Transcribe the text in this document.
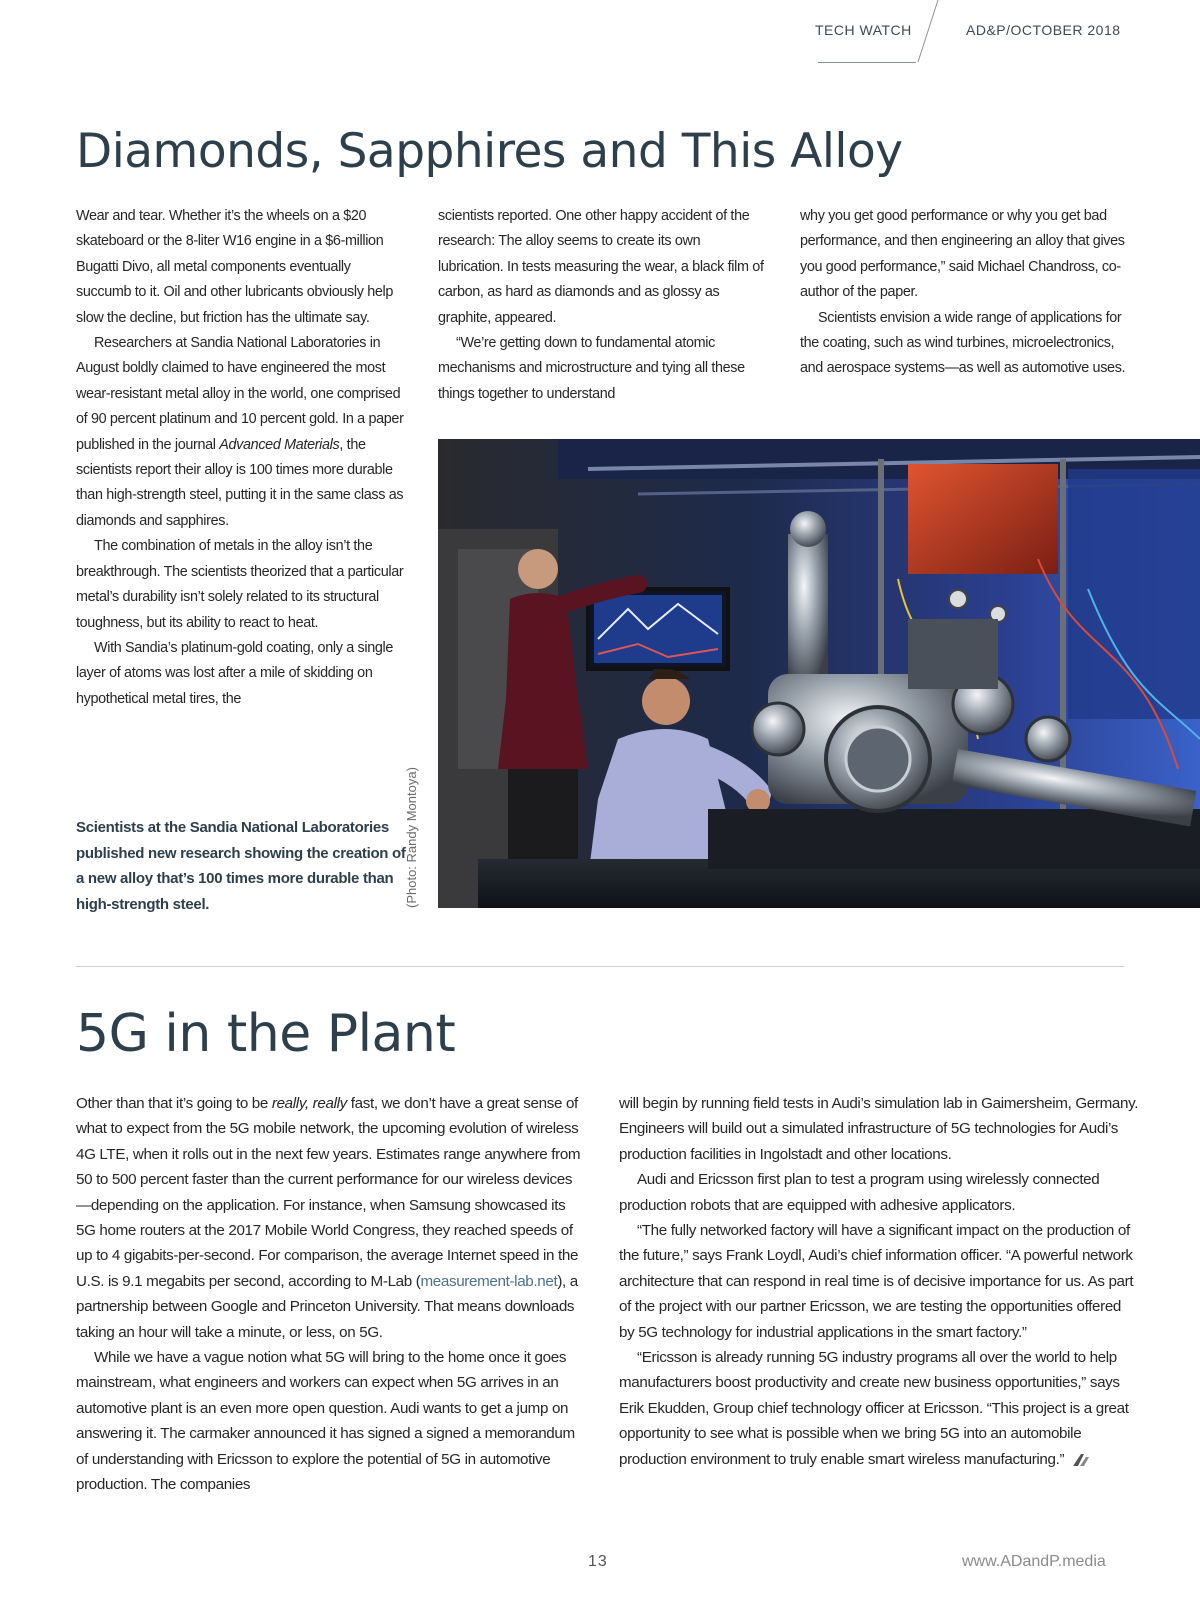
TECH WATCH	AD&P/OCTOBER 2018
Diamonds, Sapphires and This Alloy

Wear and tear. Whether it’s the wheels on a $20 skateboard or the 8-liter W16 engine in a $6-million Bugatti Divo, all metal components eventually succumb to it. Oil and other lubricants obviously help slow the decline, but friction has the ultimate say.

Researchers at Sandia National Laboratories in August boldly claimed to have engineered the most wear-resistant metal alloy in the world, one comprised of 90 percent platinum and 10 percent gold. In a paper published in the journal Advanced Materials, the scientists report their alloy is 100 times more durable than high-strength steel, putting it in the same class as diamonds and sapphires.

The combination of metals in the alloy isn’t the breakthrough. The scientists theorized that a particular metal’s durability isn’t solely related to its structural toughness, but its ability to react to heat.

With Sandia’s platinum-gold coating, only a single layer of atoms was lost after a mile of skidding on hypothetical metal tires, the

scientists reported. One other happy accident of the research: The alloy seems to create its own lubrication. In tests measuring the wear, a black film of carbon, as hard as diamonds and as glossy as graphite, appeared.

“We’re getting down to fundamental atomic mechanisms and microstructure and tying all these things together to understand

why you get good performance or why you get bad performance, and then engineering an alloy that gives you good performance,” said Michael Chandross, co-author of the paper.

Scientists envision a wide range of applications for the coating, such as wind turbines, microelectronics, and aerospace systems—as well as automotive uses.

Scientists at the Sandia National Laboratories published new research showing the creation of a new alloy that’s 100 times more durable than high-strength steel.	(Photo: Randy Montoya)
5G in the Plant

Other than that it’s going to be really, really fast, we don’t have a great sense of what to expect from the 5G mobile network, the upcoming evolution of wireless 4G LTE, when it rolls out in the next few years. Estimates range anywhere from 50 to 500 percent faster than the current performance for our wireless devices—depending on the application. For instance, when Samsung showcased its 5G home routers at the 2017 Mobile World Congress, they reached speeds of up to 4 gigabits-per-second. For comparison, the average Internet speed in the U.S. is 9.1 megabits per second, according to M-Lab (measurement-lab.net), a partnership between Google and Princeton University. That means downloads taking an hour will take a minute, or less, on 5G.

While we have a vague notion what 5G will bring to the home once it goes mainstream, what engineers and workers can expect when 5G arrives in an automotive plant is an even more open question. Audi wants to get a jump on answering it. The carmaker announced it has signed a signed a memorandum of understanding with Ericsson to explore the potential of 5G in automotive production. The companies

will begin by running field tests in Audi’s simulation lab in Gaimersheim, Germany. Engineers will build out a simulated infrastructure of 5G technologies for Audi’s production facilities in Ingolstadt and other locations.

Audi and Ericsson first plan to test a program using wirelessly connected production robots that are equipped with adhesive applicators.

“The fully networked factory will have a significant impact on the production of the future,” says Frank Loydl, Audi’s chief information officer. “A powerful network architecture that can respond in real time is of decisive importance for us. As part of the project with our partner Ericsson, we are testing the opportunities offered by 5G technology for industrial applications in the smart factory.”

“Ericsson is already running 5G industry programs all over the world to help manufacturers boost productivity and create new business opportunities,” says Erik Ekudden, Group chief technology officer at Ericsson. “This project is a great opportunity to see what is possible when we bring 5G into an automobile production environment to truly enable smart wireless manufacturing.”

13	www.ADandP.media
